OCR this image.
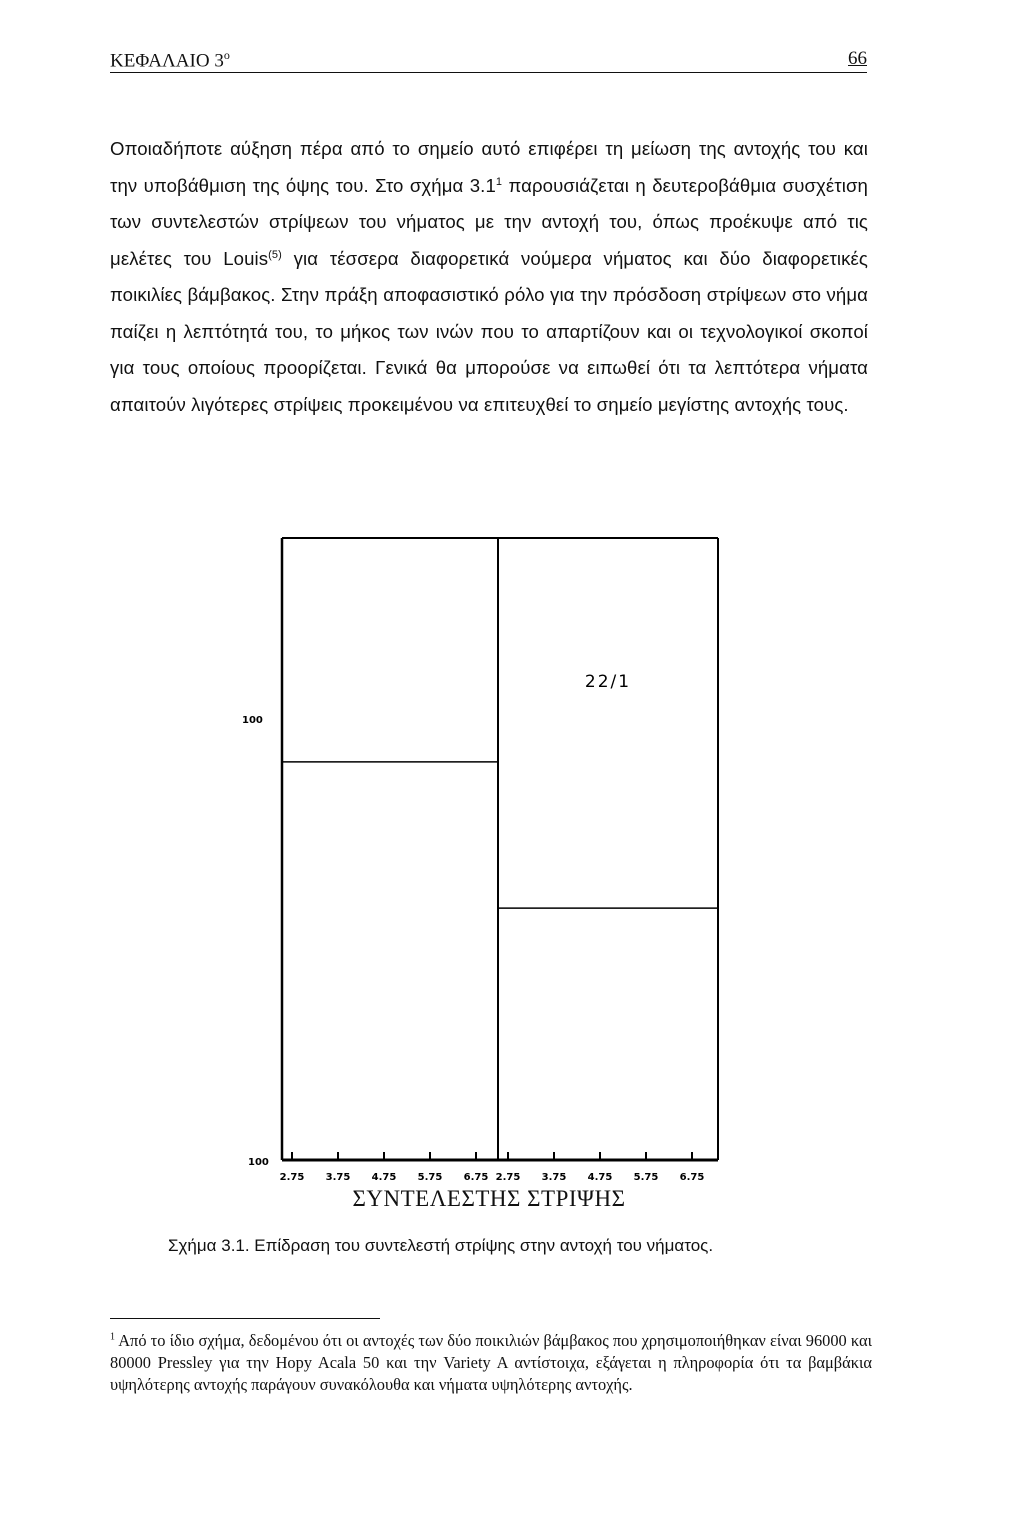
ΚΕΦΑΛΑΙΟ $3^o$	66
Οποιαδήποτε αύξηση πέρα από το σημείο αυτό επιφέρει τη μείωση της αντοχής του και την υποβάθμιση της όψης του. Στο σχήμα $3.1^1$ παρουσιάζεται η δευτεροβάθμια συσχέτιση των συντελεστών στρίψεων του νήματος με την αντοχή του, όπως προέκυψε από τις μελέτες του Louis$^{(5)}$ για τέσσερα διαφορετικά νούμερα νήματος και δύο διαφορετικές ποικιλίες βάμβακος. Στην πράξη αποφασιστικό ρόλο για την πρόσδοση στρίψεων στο νήμα παίζει η λεπτότητά του, το μήκος των ινών που το απαρτίζουν και οι τεχνολογικοί σκοποί για τους οποίους προορίζεται. Γενικά θα μπορούσε να ειπωθεί ότι τα λεπτότερα νήματα απαιτούν λιγότερες στρίψεις προκειμένου να επιτευχθεί το σημείο μεγίστης αντοχής τους.
22/1
100
100
2.75 3.75 4.75 5.75 6.75 2.75 3.75 4.75 5.75 6.75
ΣΥΝΤΕΛΕΣΤΗΣ ΣΤΡΙΨΗΣ
Σχήμα 3.1. Επίδραση του συντελεστή στρίψης στην αντοχή του νήματος.
$^1$ Από το ίδιο σχήμα, δεδομένου ότι οι αντοχές των δύο ποικιλιών βάμβακος που χρησιμοποιήθηκαν είναι 96000 και 80000 Pressley για την Hopy Acala 50 και την Variety A αντίστοιχα, εξάγεται η πληροφορία ότι τα βαμβάκια υψηλότερης αντοχής παράγουν συνακόλουθα και νήματα υψηλότερης αντοχής.
